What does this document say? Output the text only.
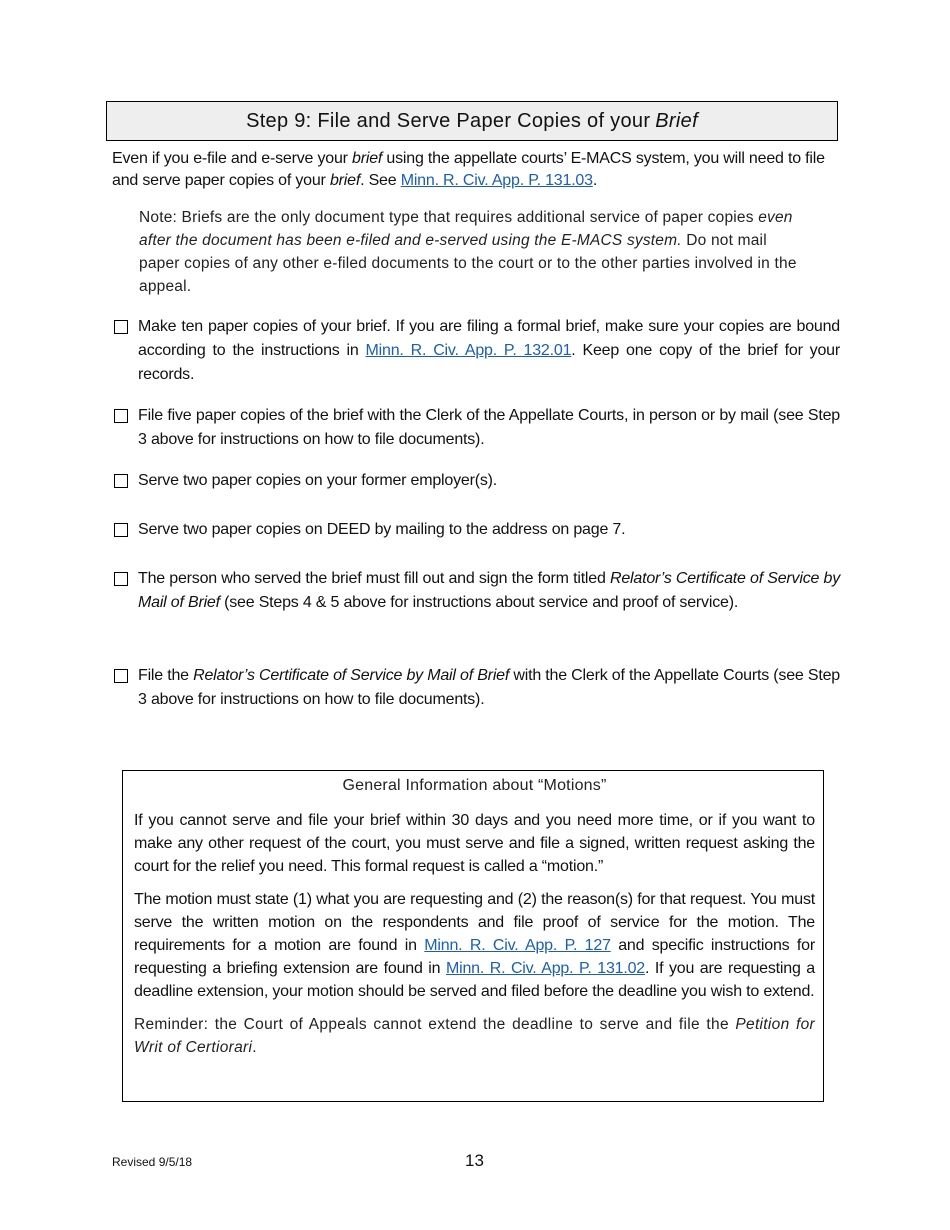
Step 9: File and Serve Paper Copies of your Brief
Even if you e-file and e-serve your brief using the appellate courts’ E-MACS system, you will need to file and serve paper copies of your brief. See Minn. R. Civ. App. P. 131.03.
Note: Briefs are the only document type that requires additional service of paper copies even after the document has been e-filed and e-served using the E-MACS system. Do not mail paper copies of any other e-filed documents to the court or to the other parties involved in the appeal.
Make ten paper copies of your brief. If you are filing a formal brief, make sure your copies are bound according to the instructions in Minn. R. Civ. App. P. 132.01. Keep one copy of the brief for your records.
File five paper copies of the brief with the Clerk of the Appellate Courts, in person or by mail (see Step 3 above for instructions on how to file documents).
Serve two paper copies on your former employer(s).
Serve two paper copies on DEED by mailing to the address on page 7.
The person who served the brief must fill out and sign the form titled Relator’s Certificate of Service by Mail of Brief (see Steps 4 & 5 above for instructions about service and proof of service).
File the Relator’s Certificate of Service by Mail of Brief with the Clerk of the Appellate Courts (see Step 3 above for instructions on how to file documents).
General Information about “Motions”

If you cannot serve and file your brief within 30 days and you need more time, or if you want to make any other request of the court, you must serve and file a signed, written request asking the court for the relief you need. This formal request is called a “motion.”

The motion must state (1) what you are requesting and (2) the reason(s) for that request. You must serve the written motion on the respondents and file proof of service for the motion. The requirements for a motion are found in Minn. R. Civ. App. P. 127 and specific instructions for requesting a briefing extension are found in Minn. R. Civ. App. P. 131.02. If you are requesting a deadline extension, your motion should be served and filed before the deadline you wish to extend.

Reminder: the Court of Appeals cannot extend the deadline to serve and file the Petition for Writ of Certiorari.

Revised 9/5/18	13
